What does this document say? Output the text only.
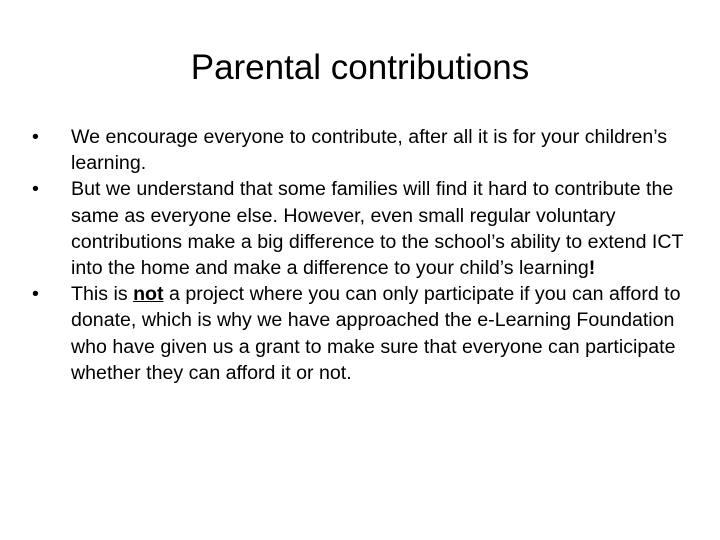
Parental contributions
•	We encourage everyone to contribute, after all it is for your children’s learning.
•	But we understand that some families will find it hard to contribute the same as everyone else. However, even small regular voluntary contributions make a big difference to the school’s ability to extend ICT into the home and make a difference to your child’s learning!
•	This is not a project where you can only participate if you can afford to donate, which is why we have approached the e-Learning Foundation who have given us a grant to make sure that everyone can participate whether they can afford it or not.
